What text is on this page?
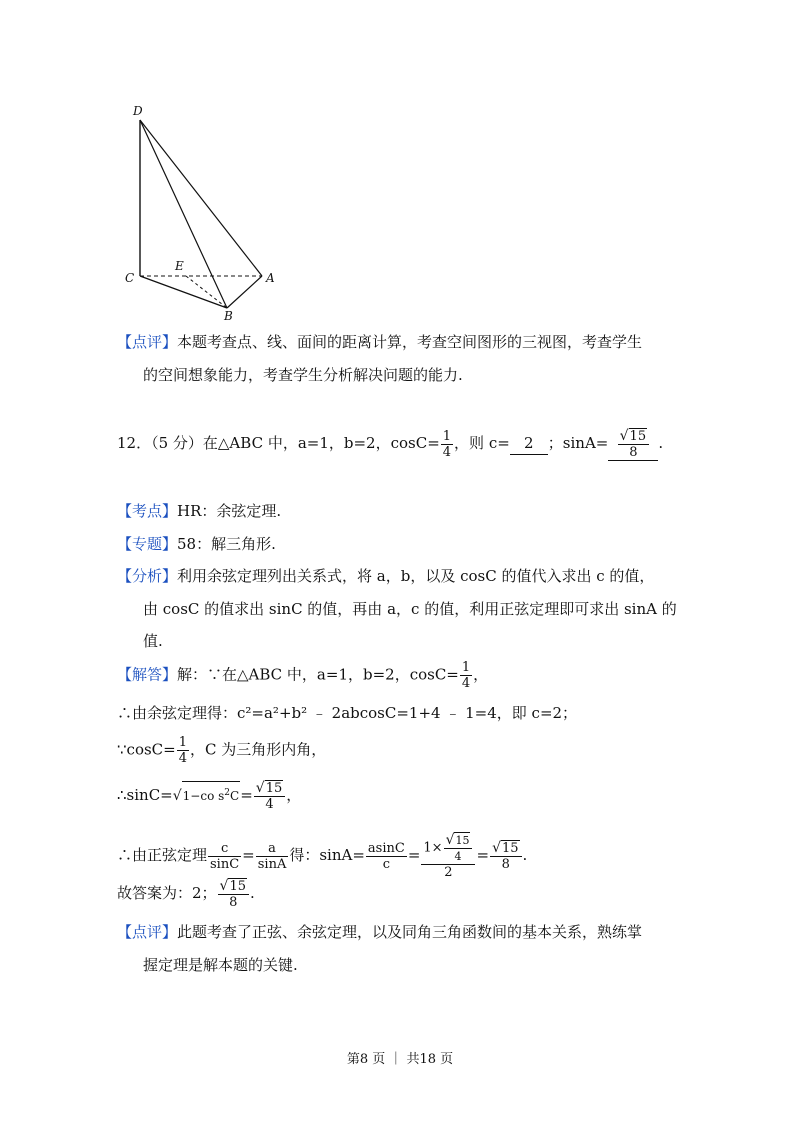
D
C
E
A
B
【点评】本题考查点、线、面间的距离计算，考查空间图形的三视图，考查学生
的空间想象能力，考查学生分析解决问题的能力.
12．（5 分）在△ABC 中，a=1，b=2，$\cos C= \frac{1}{4}$ ，则 c= 2 ；$\sin A= \frac{√15}{8}$ .
【考点】HR：余弦定理.
【专题】58：解三角形.
【分析】利用余弦定理列出关系式，将 a，b，以及 cosC 的值代入求出 c 的值，
由 cosC 的值求出 sinC 的值，再由 a，c 的值，利用正弦定理即可求出 sinA 的
值.
【解答】解：∵在△ABC 中，a=1，b=2，$\cos C= \frac{1}{4}$ ，
∴由余弦定理得：c²=a²+b² ﹣ 2abcosC=1+4 ﹣ 1=4，即 c=2；
∵cosC= $\frac{1}{4}$ ，C 为三角形内角，
∴sinC=√1−co $s^2C= \frac{√15}{4}$ ，
∴由正弦定理 $\frac{c}{\sin C} = \frac{a}{\sin A}$ 得：$\sin A= \frac{asinC}{c} = \frac{1\times \frac{√15}{4}}{2} = \frac{√15}{8}$ .
故答案为：2； $\frac{√15}{8}$ .
【点评】此题考查了正弦、余弦定理，以及同角三角函数间的基本关系，熟练掌
握定理是解本题的关键.
第8 页 ｜ 共18 页
